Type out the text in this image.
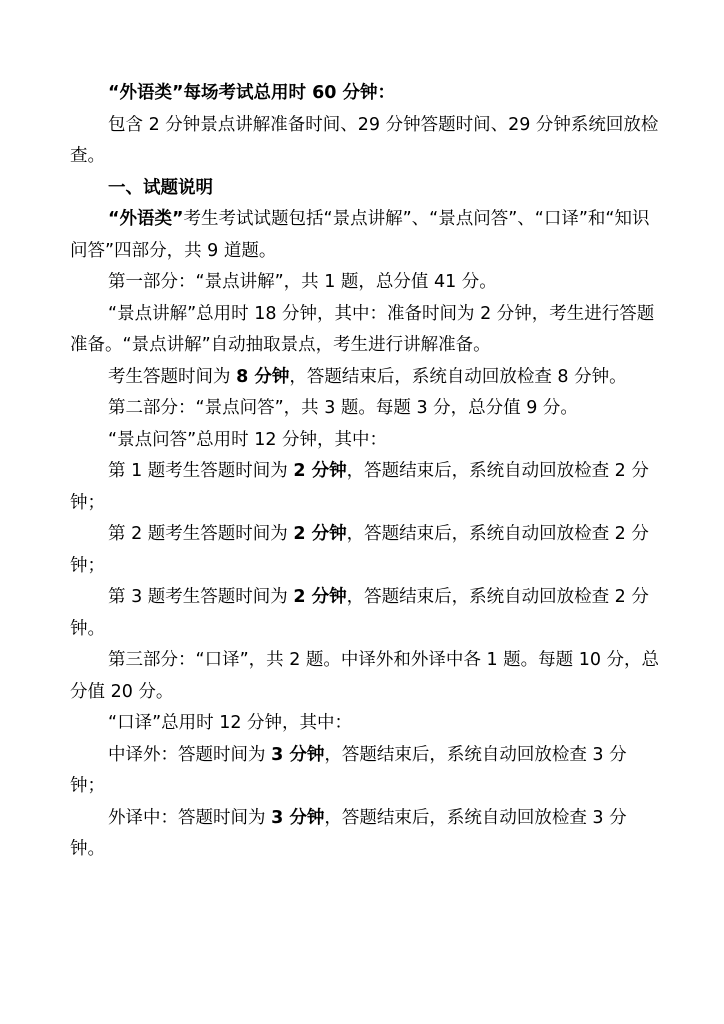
“外语类”每场考试总用时 60 分钟：

包含 2 分钟景点讲解准备时间、29 分钟答题时间、29 分钟系统回放检查。

一、试题说明

“外语类”考生考试试题包括“景点讲解”、“景点问答”、“口译”和“知识问答”四部分，共 9 道题。

第一部分：“景点讲解”，共 1 题，总分值 41 分。

“景点讲解”总用时 18 分钟，其中：准备时间为 2 分钟，考生进行答题准备。“景点讲解”自动抽取景点，考生进行讲解准备。

考生答题时间为 8 分钟，答题结束后，系统自动回放检查 8 分钟。

第二部分：“景点问答”，共 3 题。每题 3 分，总分值 9 分。

“景点问答”总用时 12 分钟，其中：

第 1 题考生答题时间为 2 分钟，答题结束后，系统自动回放检查 2 分钟；

第 2 题考生答题时间为 2 分钟，答题结束后，系统自动回放检查 2 分钟；

第 3 题考生答题时间为 2 分钟，答题结束后，系统自动回放检查 2 分钟。

第三部分：“口译”，共 2 题。中译外和外译中各 1 题。每题 10 分，总分值 20 分。

“口译”总用时 12 分钟，其中：

中译外：答题时间为 3 分钟，答题结束后，系统自动回放检查 3 分钟；

外译中：答题时间为 3 分钟，答题结束后，系统自动回放检查 3 分钟。
